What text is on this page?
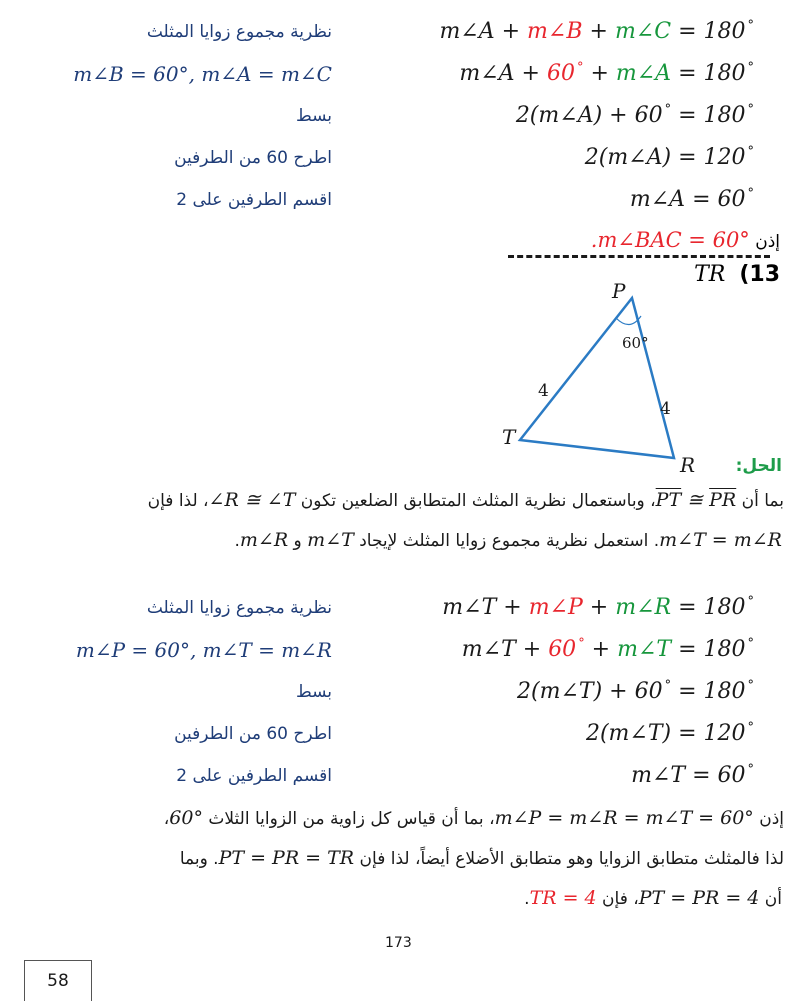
m∠A + m∠B + m∠C = 180 °
نظرية مجموع زوايا المثلث
m∠A + 60 ° + m∠A = 180 °
m∠B = 60°, m∠A = m∠C
2(m∠A) + 60 ° = 180 °
بسط
2(m∠A) = 120 °
اطرح 60 من الطرفين
m∠A = 60 °
اقسم الطرفين على 2
إذن .m∠BAC = 60°
TR (13
P
T
R
4
4
60°
الحل:
بما أن $\overline{PT}$ ≅ $\overline{PR}،$ وباستعمال نظرية المثلث المتطابق الضلعين تكون ∠R ≅ ∠T، لذا فإن
m∠T = m∠R. استعمل نظرية مجموع زوايا المثلث لإيجاد m∠T و m∠R.
m∠T + m∠P + m∠R = 180 °
نظرية مجموع زوايا المثلث
m∠T + 60 ° + m∠T = 180 °
m∠P = 60°, m∠T = m∠R
2(m∠T) + 60 ° = 180 °
بسط
2(m∠T) = 120 °
اطرح 60 من الطرفين
m∠T = 60 °
اقسم الطرفين على 2
إذن m∠P = m∠R = m∠T = 60°، بما أن قياس كل زاوية من الزوايا الثلاث 60°،
لذا فالمثلث متطابق الزوايا وهو متطابق الأضلاع أيضاً، لذا فإن PT = PR = TR. وبما
أن PT = PR = 4، فإن TR = 4.
173
58
